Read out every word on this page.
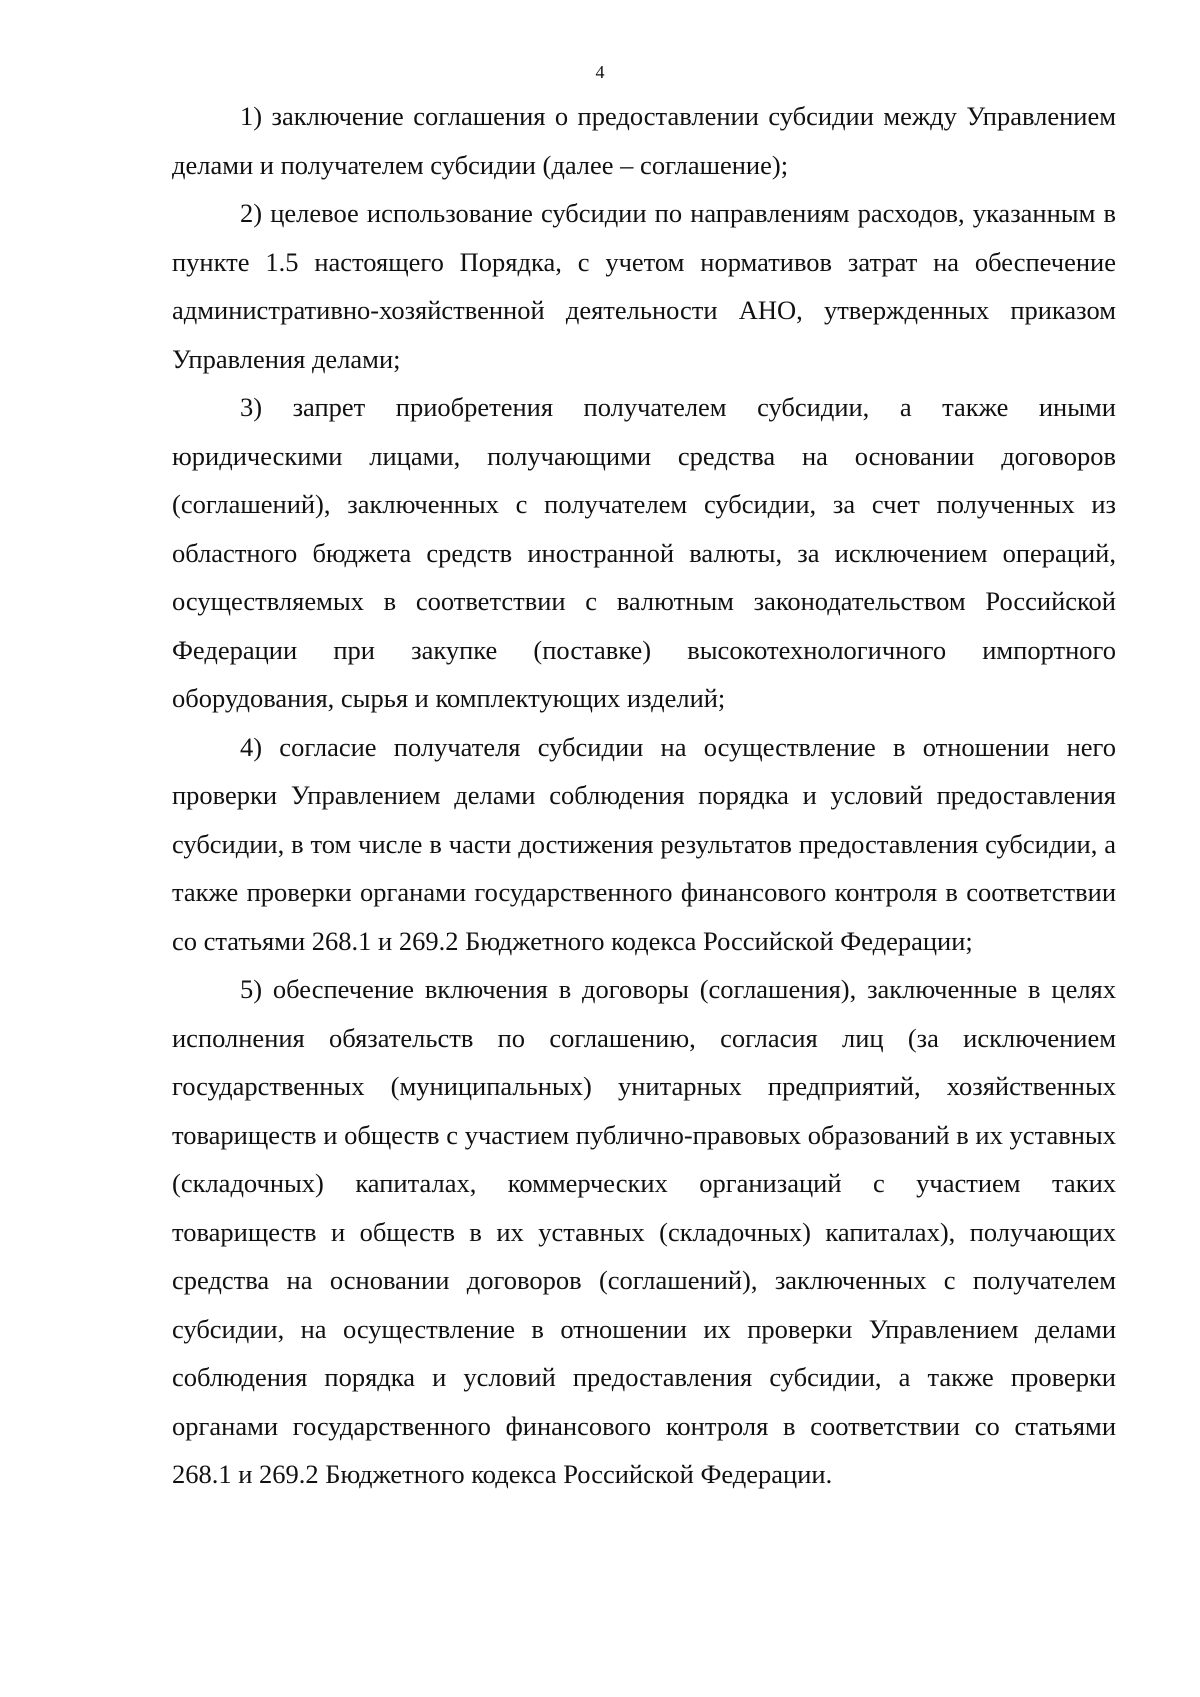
4

1) заключение соглашения о предоставлении субсидии между Управлением делами и получателем субсидии (далее – соглашение);

2) целевое использование субсидии по направлениям расходов, указанным в пункте 1.5 настоящего Порядка, с учетом нормативов затрат на обеспечение административно-хозяйственной деятельности АНО, утвержденных приказом Управления делами;

3) запрет приобретения получателем субсидии, а также иными юридическими лицами, получающими средства на основании договоров (соглашений), заключенных с получателем субсидии, за счет полученных из областного бюджета средств иностранной валюты, за исключением операций, осуществляемых в соответствии с валютным законодательством Российской Федерации при закупке (поставке) высокотехнологичного импортного оборудования, сырья и комплектующих изделий;

4) согласие получателя субсидии на осуществление в отношении него проверки Управлением делами соблюдения порядка и условий предоставления субсидии, в том числе в части достижения результатов предоставления субсидии, а также проверки органами государственного финансового контроля в соответствии со статьями 268.1 и 269.2 Бюджетного кодекса Российской Федерации;

5) обеспечение включения в договоры (соглашения), заключенные в целях исполнения обязательств по соглашению, согласия лиц (за исключением государственных (муниципальных) унитарных предприятий, хозяйственных товариществ и обществ с участием публично-правовых образований в их уставных (складочных) капиталах, коммерческих организаций с участием таких товариществ и обществ в их уставных (складочных) капиталах), получающих средства на основании договоров (соглашений), заключенных с получателем субсидии, на осуществление в отношении их проверки Управлением делами соблюдения порядка и условий предоставления субсидии, а также проверки органами государственного финансового контроля в соответствии со статьями 268.1 и 269.2 Бюджетного кодекса Российской Федерации.
